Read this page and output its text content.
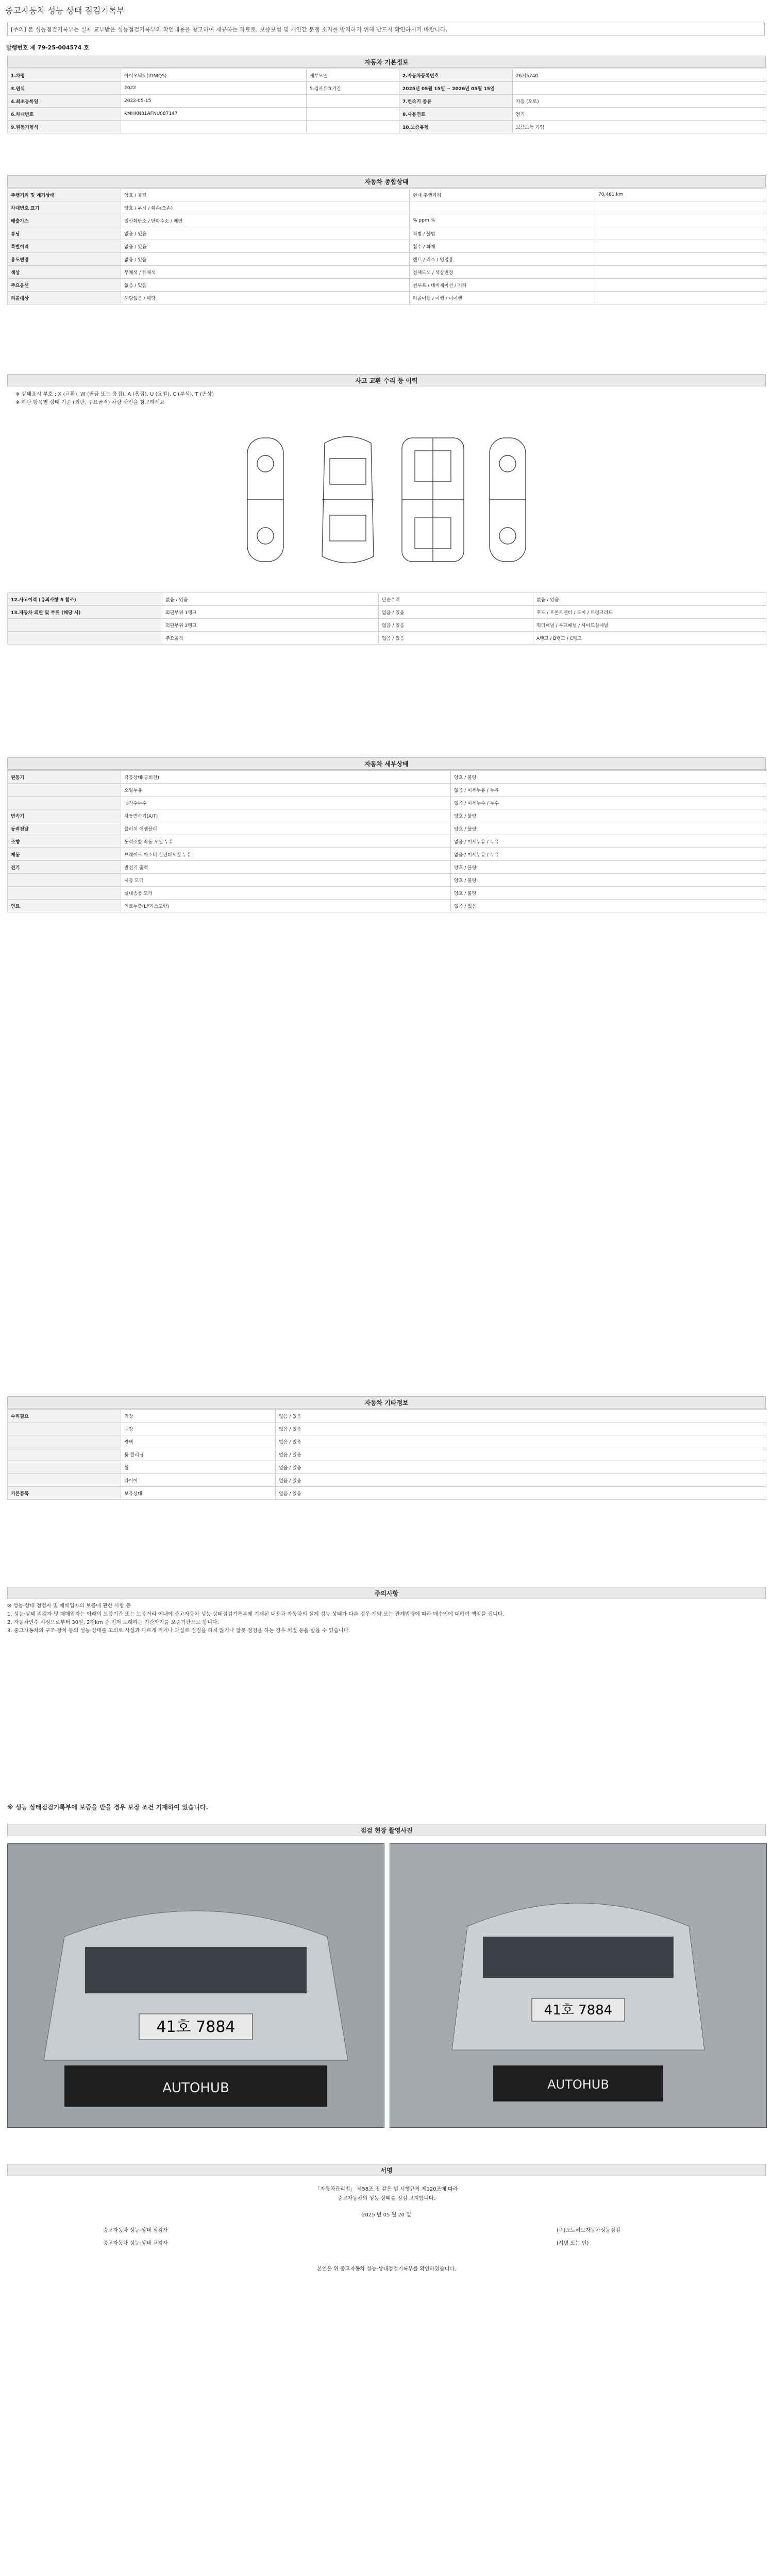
중고자동차 성능 상태 점검기록부
[주의] 본 성능점검기록부는 실제 교부받은 성능점검기록부의 확인내용을 참고하여 제공하는 자료로, 보증보험 및 개인간 분쟁 소지를 방지하기 위해 반드시 확인하시기 바랍니다.
발행번호 제 79-25-004574 호
자동차 기본정보
1.차명	아이오닉5 (IONIQ5)	세부모델	2.자동차등록번호	26저5740
3.연식	2022	5.검사유효기간	2025년 05월 15일 ~ 2026년 05월 15일	
4.최초등록일	2022-05-15		7.변속기 종류	자동 (오토)
6.차대번호	KMHKN81AFNU087147		8.사용연료	전기
9.원동기형식			10.보증유형	보증보험 가입
자동차 종합상태
주행거리 및 계기상태	양호 / 불량	현재 주행거리	70,461 km
차대번호 표기	양호 / 부식 / 훼손(오손)		
배출가스	일산화탄소 / 탄화수소 / 매연	% ppm %	
튜닝	없음 / 있음	적법 / 불법	
특별이력	없음 / 있음	침수 / 화재	
용도변경	없음 / 있음	렌트 / 리스 / 영업용	
색상	무채색 / 유채색	전체도색 / 색상변경	
주요옵션	없음 / 있음	썬루프 / 네비게이션 / 기타	
리콜대상	해당없음 / 해당	리콜이행 / 이행 / 미이행	
사고 교환 수리 등 이력
※ 상태표시 부호 : X (교환), W (판금 또는 용접), A (흠집), U (요철), C (부식), T (손상)
※ 하단 항목별 상태 기준 (외판, 주요골격) 차량 사진을 참고하세요
12.사고이력 (유의사항 5 참조)	없음 / 있음	단순수리	없음 / 있음
13.자동차 외판 및 부위 (해당 시)	외판부위 1랭크	없음 / 있음	후드 / 프론트펜더 / 도어 / 트렁크리드
	외판부위 2랭크	없음 / 있음	쿼터패널 / 루프패널 / 사이드실패널
	주요골격	없음 / 있음	A랭크 / B랭크 / C랭크
자동차 세부상태
원동기	작동상태(공회전)	양호 / 불량
	오일누유	없음 / 미세누유 / 누유
	냉각수누수	없음 / 미세누수 / 누수
변속기	자동변속기(A/T)	양호 / 불량
동력전달	클러치 어셈블리	양호 / 불량
조향	동력조향 작동 오일 누유	없음 / 미세누유 / 누유
제동	브레이크 마스터 실린더오일 누유	없음 / 미세누유 / 누유
전기	발전기 출력	양호 / 불량
	시동 모터	양호 / 불량
	실내송풍 모터	양호 / 불량
연료	연료누출(LP가스포함)	없음 / 있음
자동차 기타정보
수리필요	외장	없음 / 있음
	내장	없음 / 있음
	광택	없음 / 있음
	룸 클리닝	없음 / 있음
	휠	없음 / 있음
	타이어	없음 / 있음
기본품목	보유상태	없음 / 있음
주의사항
※ 성능·상태 점검자 및 매매업자의 보증에 관한 사항 등
1. 성능·상태 점검자 및 매매업자는 아래의 보증기간 또는 보증거리 이내에 중고자동차 성능·상태점검기록부에 기재된 내용과 자동차의 실제 성능·상태가 다른 경우 계약 또는 관계법령에 따라 매수인에 대하여 책임을 집니다.
2. 자동차인수 시점으로부터 30일, 2천km 중 먼저 도래하는 기간까지를 보증기간으로 합니다.
3. 중고자동차의 구조·장치 등의 성능·상태를 고의로 사실과 다르게 적거나 과실로 점검을 하지 않거나 잘못 점검을 하는 경우 처벌 등을 받을 수 있습니다.
※ 성능 상태점검기록부에 보증을 받을 경우 보장 조건 기재하여 있습니다.
점검 현장 촬영사진
41호 7884
AUTOHUB
41호 7884
AUTOHUB
서명
「자동차관리법」 제58조 및 같은 법 시행규칙 제120조에 따라
중고자동차의 성능·상태를 점검·고지합니다.
2025 년 05 월 20 일
중고자동차 성능·상태 점검자	(주)오토허브자동차성능점검
중고자동차 성능·상태 고지자	(서명 또는 인)
본인은 위 중고자동차 성능·상태점검기록부를 확인하였습니다.
